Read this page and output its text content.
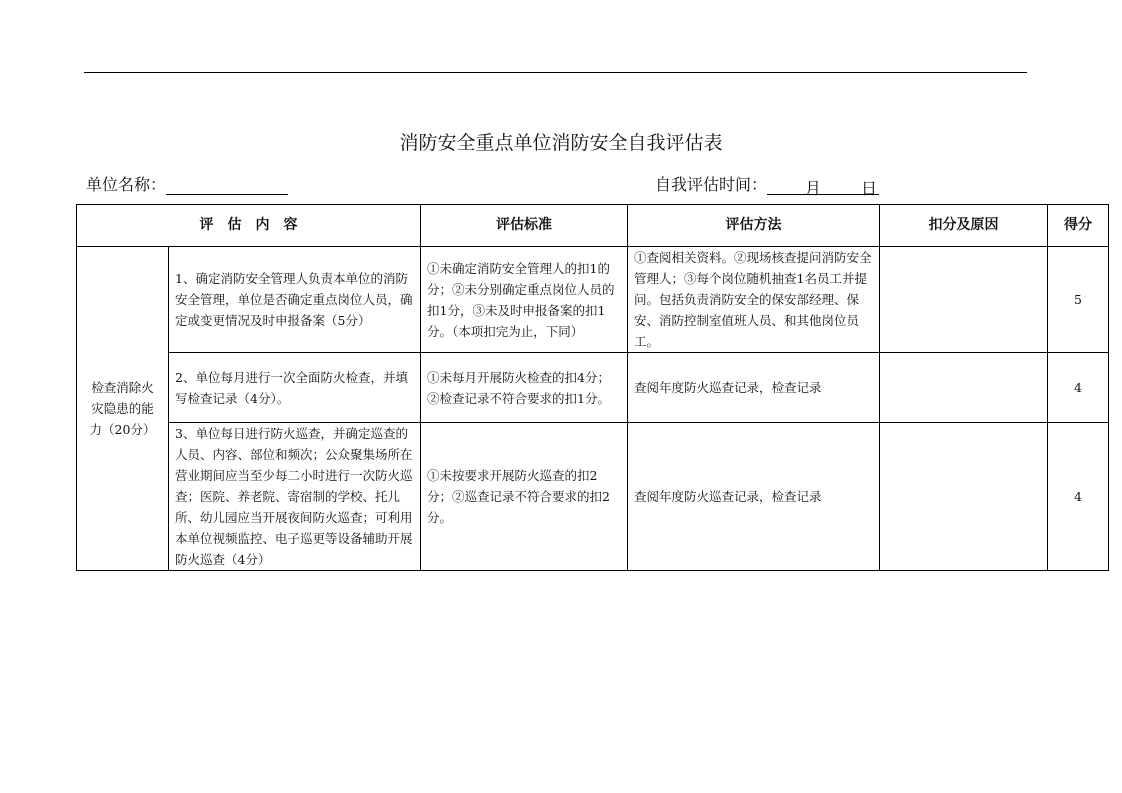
消防安全重点单位消防安全自我评估表
单位名称：	自我评估时间： 月	日
评　估　内　容		评估标准	评估方法	扣分及原因	得分
检查消除火灾隐患的能力（20分）	1、确定消防安全管理人负责本单位的消防安全管理，单位是否确定重点岗位人员，确定或变更情况及时申报备案（5分）	①未确定消防安全管理人的扣1的分；②未分别确定重点岗位人员的扣1分，③未及时申报备案的扣1分。（本项扣完为止，下同）	①查阅相关资料。②现场核查提问消防安全管理人；③每个岗位随机抽查1名员工并提问。包括负责消防安全的保安部经理、保安、消防控制室值班人员、和其他岗位员工。		5
	2、单位每月进行一次全面防火检查，并填写检查记录（4分）。	①未每月开展防火检查的扣4分；②检查记录不符合要求的扣1分。	查阅年度防火巡查记录，检查记录		4

	3、单位每日进行防火巡查，并确定巡查的人员、内容、部位和频次；公众聚集场所在营业期间应当至少每二小时进行一次防火巡查；医院、养老院、寄宿制的学校、托儿所、幼儿园应当开展夜间防火巡查；可利用本单位视频监控、电子巡更等设备辅助开展防火巡查（4分）	①未按要求开展防火巡查的扣2分；②巡查记录不符合要求的扣2分。	查阅年度防火巡查记录，检查记录		4
